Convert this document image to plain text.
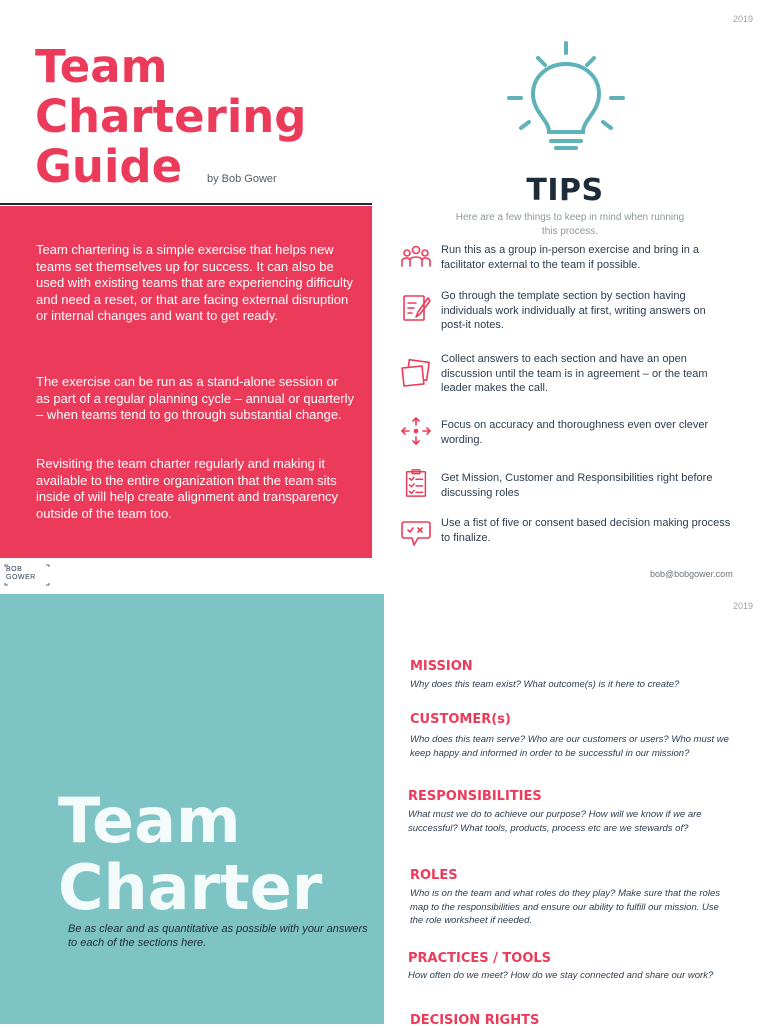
2019
Team
Chartering
Guide by Bob Gower

Team chartering is a simple exercise that helps new teams set themselves up for success. It can also be used with existing teams that are experiencing difficulty and need a reset, or that are facing external disruption or internal changes and want to get ready.

The exercise can be run as a stand-alone session or as part of a regular planning cycle – annual or quarterly – when teams tend to go through substantial change.

Revisiting the team charter regularly and making it available to the entire organization that the team sits inside of will help create alignment and transparency outside of the team too.

TIPS
Here are a few things to keep in mind when running this process.
Run this as a group in-person exercise and bring in a facilitator external to the team if possible.
Go through the template section by section having individuals work individually at first, writing answers on post-it notes.
Collect answers to each section and have an open discussion until the team is in agreement – or the team leader makes the call.
Focus on accuracy and thoroughness even over clever wording.
Get Mission, Customer and Responsibilities right before discussing roles
Use a fist of five or consent based decision making process to finalize.
BOB
GOWER	bob@bobgower.com
2019
Team
Charter
Be as clear and as quantitative as possible with your answers to each of the sections here.
MISSION
Why does this team exist? What outcome(s) is it here to create?
CUSTOMER(s)
Who does this team serve? Who are our customers or users? Who must we keep happy and informed in order to be successful in our mission?
RESPONSIBILITIES
What must we do to achieve our purpose? How will we know if we are successful? What tools, products, process etc are we stewards of?
ROLES
Who is on the team and what roles do they play? Make sure that the roles map to the responsibilities and ensure our ability to fulfill our mission. Use the role worksheet if needed.
PRACTICES / TOOLS
How often do we meet? How do we stay connected and share our work?
DECISION RIGHTS
